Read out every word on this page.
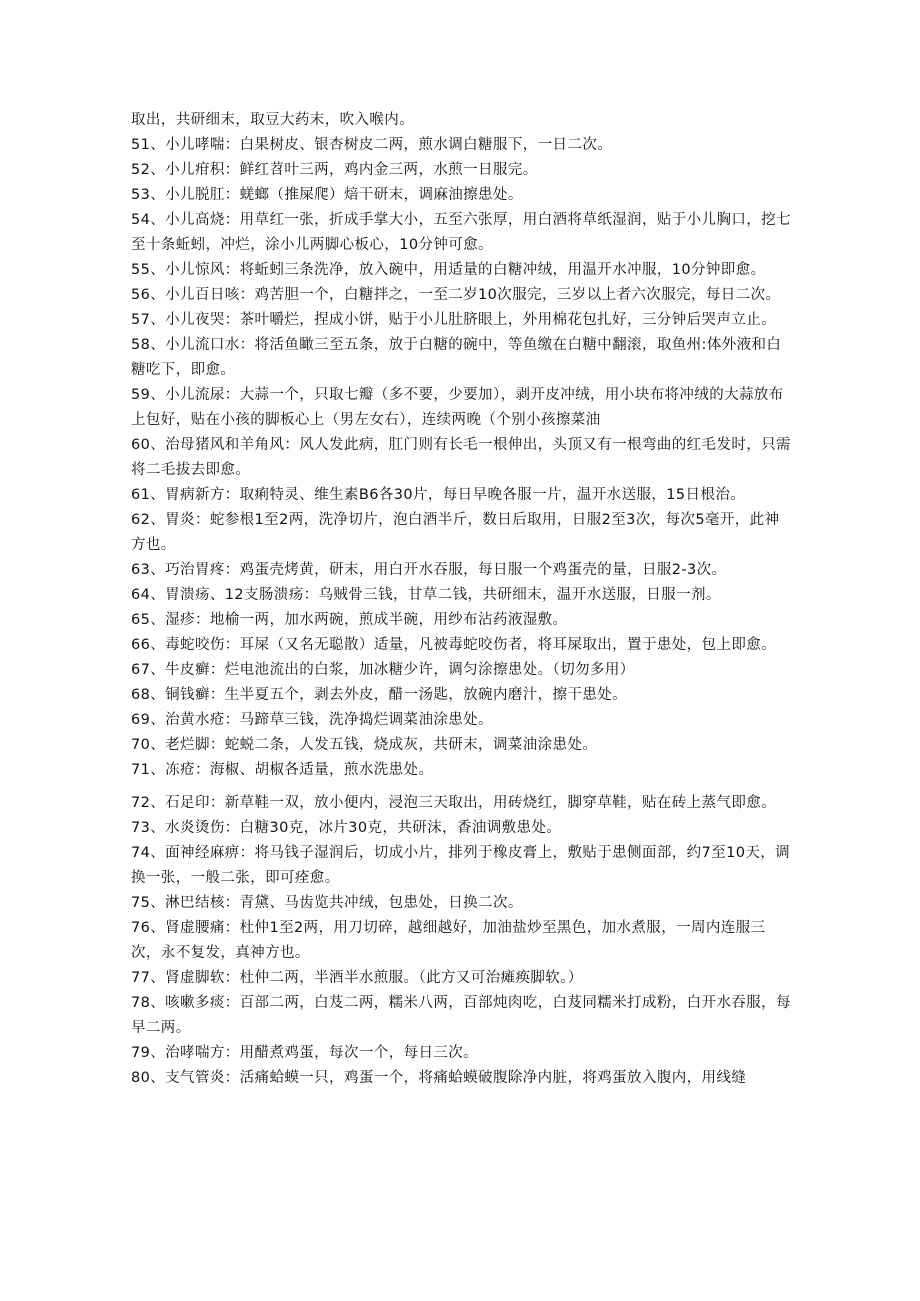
取出，共研细末，取豆大药末，吹入喉内。
51、小儿哮喘：白果树皮、银杏树皮二两，煎水调白糖服下，一日二次。
52、小儿疳积：鲜红苕叶三两，鸡内金三两，水煎一日服完。
53、小儿脱肛：蜣螂（推屎爬）焙干研末，调麻油擦患处。
54、小儿高烧：用草红一张，折成手掌大小，五至六张厚，用白酒将草纸湿润，贴于小儿胸口，挖七至十条蚯蚓，冲烂，涂小儿两脚心板心，10分钟可愈。
55、小儿惊风：将蚯蚓三条洗净，放入碗中，用适量的白糖冲绒，用温开水冲服，10分钟即愈。
56、小儿百日咳：鸡苦胆一个，白糖拌之，一至二岁10次服完，三岁以上者六次服完，每日二次。
57、小儿夜哭：茶叶嚼烂，捏成小饼，贴于小儿肚脐眼上，外用棉花包扎好，三分钟后哭声立止。
58、小儿流口水：将活鱼瞰三至五条，放于白糖的碗中，等鱼缴在白糖中翻滚，取鱼州:体外液和白糖吃下，即愈。
59、小儿流尿：大蒜一个，只取七瓣（多不要，少要加），剥开皮冲绒，用小块布将冲绒的大蒜放布上包好，贴在小孩的脚板心上（男左女右），连续两晚（个别小孩擦菜油
60、治母猪风和羊角风：风人发此病，肛门则有长毛一根伸出，头顶又有一根弯曲的红毛发时，只需将二毛拔去即愈。
61、胃病新方：取痢特灵、维生素B6各30片，每日早晚各服一片，温开水送服，15日根治。
62、胃炎：蛇参根1至2两，洗净切片，泡白酒半斤，数日后取用，日服2至3次，每次5毫开，此神方也。
63、巧治胃疼：鸡蛋壳烤黄，研末，用白开水吞服，每日服一个鸡蛋壳的量，日服2-3次。
64、胃溃疡、12支肠溃疡：乌贼骨三钱，甘草二钱，共研细末，温开水送服，日服一剂。
65、湿疹：地榆一两，加水两碗，煎成半碗，用纱布沾药液湿敷。
66、毒蛇咬伤：耳屎（又名无聪散）适量，凡被毒蛇咬伤者，将耳屎取出，置于患处，包上即愈。
67、牛皮癣：烂电池流出的白浆，加冰糖少许，调匀涂擦患处。（切勿多用）
68、铜钱癣：生半夏五个，剥去外皮，醋一汤匙，放碗内磨汁，擦干患处。
69、治黄水疮：马蹄草三钱，洗净捣烂调菜油涂患处。
70、老烂脚：蛇蜕二条，人发五钱，烧成灰，共研末，调菜油涂患处。
71、冻疮：海椒、胡椒各适量，煎水洗患处。
72、石足印：新草鞋一双，放小便内，浸泡三天取出，用砖烧红，脚穿草鞋，贴在砖上蒸气即愈。
73、水炎烫伤：白糖30克，冰片30克，共研沫，香油调敷患处。
74、面神经麻痹：将马钱子湿润后，切成小片，排列于橡皮膏上，敷贴于患侧面部，约7至10天，调换一张，一般二张，即可痊愈。
75、淋巴结核：青黛、马齿览共冲绒，包患处，日换二次。
76、肾虚腰痛：杜仲1至2两，用刀切碎，越细越好，加油盐炒至黑色，加水煮服，一周内连服三次，永不复发，真神方也。
77、肾虚脚软：杜仲二两，半酒半水煎服。（此方又可治瘫痪脚软。）
78、咳嗽多痰：百部二两，白芨二两，糯米八两，百部炖肉吃，白芨同糯米打成粉，白开水吞服，每早二两。
79、治哮喘方：用醋煮鸡蛋，每次一个，每日三次。
80、支气管炎：活痛蛤蟆一只，鸡蛋一个，将痛蛤蟆破腹除净内脏，将鸡蛋放入腹内，用线缝
